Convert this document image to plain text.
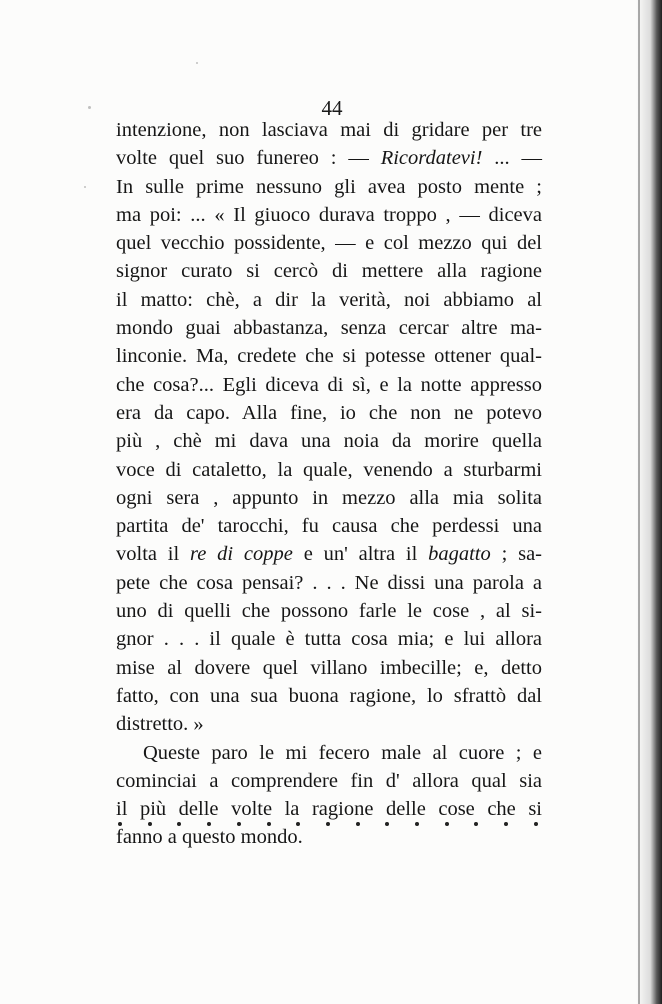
44
intenzione, non lasciava mai di gridare per tre
volte quel suo funereo : — Ricordatevi! ... —
In sulle prime nessuno gli avea posto mente ;
ma poi: ... « Il giuoco durava troppo , — diceva
quel vecchio possidente, — e col mezzo qui del
signor curato si cercò di mettere alla ragione
il matto: chè, a dir la verità, noi abbiamo al
mondo guai abbastanza, senza cercar altre ma-
linconie. Ma, credete che si potesse ottener qual-
che cosa?... Egli diceva di sì, e la notte appresso
era da capo. Alla fine, io che non ne potevo
più , chè mi dava una noia da morire quella
voce di cataletto, la quale, venendo a sturbarmi
ogni sera , appunto in mezzo alla mia solita
partita de' tarocchi, fu causa che perdessi una
volta il re di coppe e un' altra il bagatto ; sa-
pete che cosa pensai? . . . Ne dissi una parola a
uno di quelli che possono farle le cose , al si-
gnor . . . il quale è tutta cosa mia; e lui allora
mise al dovere quel villano imbecille; e, detto
fatto, con una sua buona ragione, lo sfrattò dal
distretto. »
Queste paro le mi fecero male al cuore ; e
cominciai a comprendere fin d' allora qual sia
il più delle volte la ragione delle cose che si
fanno a questo mondo.
